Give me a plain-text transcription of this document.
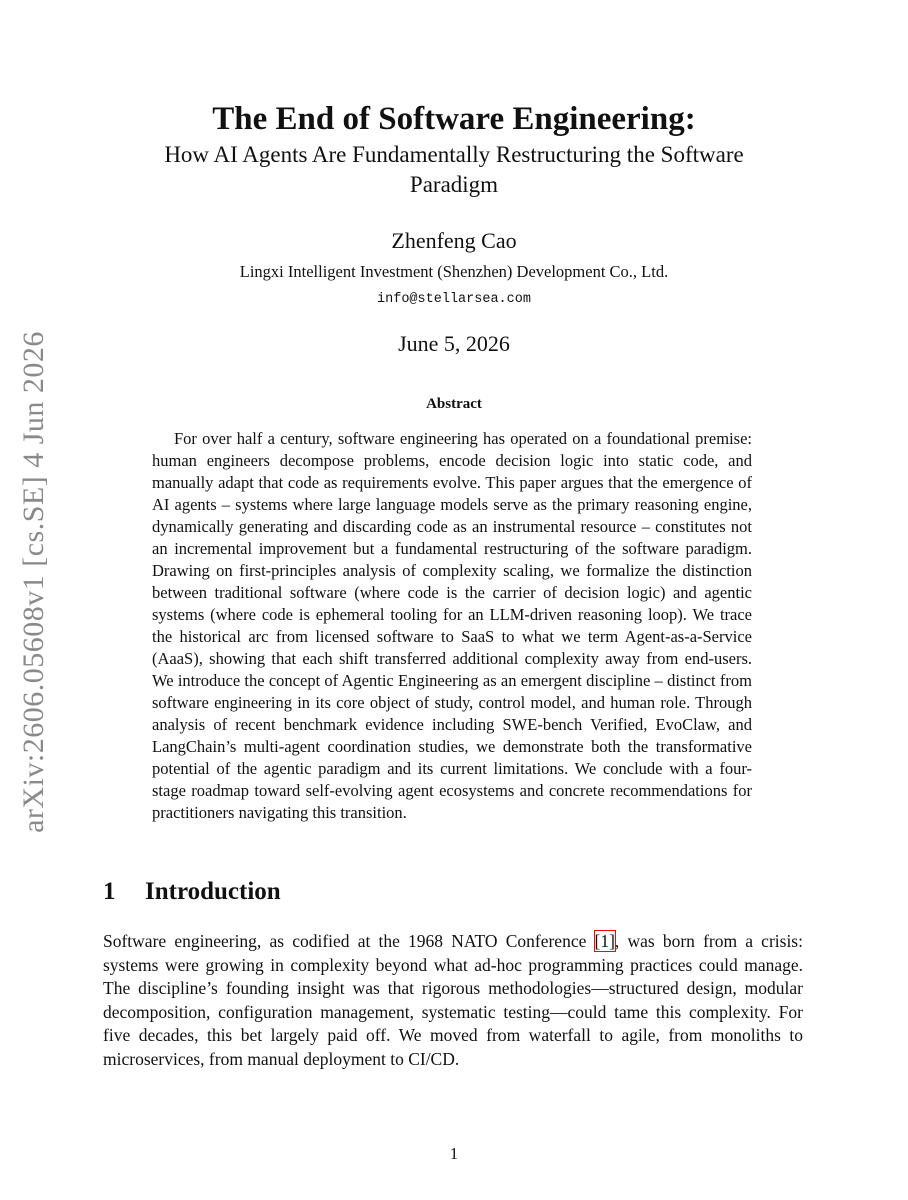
arXiv:2606.05608v1 [cs.SE] 4 Jun 2026
The End of Software Engineering:
How AI Agents Are Fundamentally Restructuring the Software Paradigm
Zhenfeng Cao
Lingxi Intelligent Investment (Shenzhen) Development Co., Ltd.
info@stellarsea.com
June 5, 2026
Abstract

For over half a century, software engineering has operated on a foundational premise: human engineers decompose problems, encode decision logic into static code, and manually adapt that code as requirements evolve. This paper argues that the emergence of AI agents – systems where large language models serve as the primary reasoning engine, dynamically generating and discarding code as an instrumental resource – constitutes not an incremental improvement but a fundamental restructuring of the software paradigm. Drawing on first-principles analysis of complexity scaling, we formalize the distinction between traditional software (where code is the carrier of decision logic) and agentic systems (where code is ephemeral tooling for an LLM-driven reasoning loop). We trace the historical arc from licensed software to SaaS to what we term Agent-as-a-Service (AaaS), showing that each shift transferred additional complexity away from end-users. We introduce the concept of Agentic Engineering as an emergent discipline – distinct from software engineering in its core object of study, control model, and human role. Through analysis of recent benchmark evidence including SWE-bench Verified, EvoClaw, and LangChain’s multi-agent coordination studies, we demonstrate both the transformative potential of the agentic paradigm and its current limitations. We conclude with a four-stage roadmap toward self-evolving agent ecosystems and concrete recommendations for practitioners navigating this transition.

1 Introduction

Software engineering, as codified at the 1968 NATO Conference [1], was born from a crisis: systems were growing in complexity beyond what ad-hoc programming practices could manage. The discipline’s founding insight was that rigorous methodologies—structured design, modular decomposition, configuration management, systematic testing—could tame this complexity. For five decades, this bet largely paid off. We moved from waterfall to agile, from monoliths to microservices, from manual deployment to CI/CD.

1
